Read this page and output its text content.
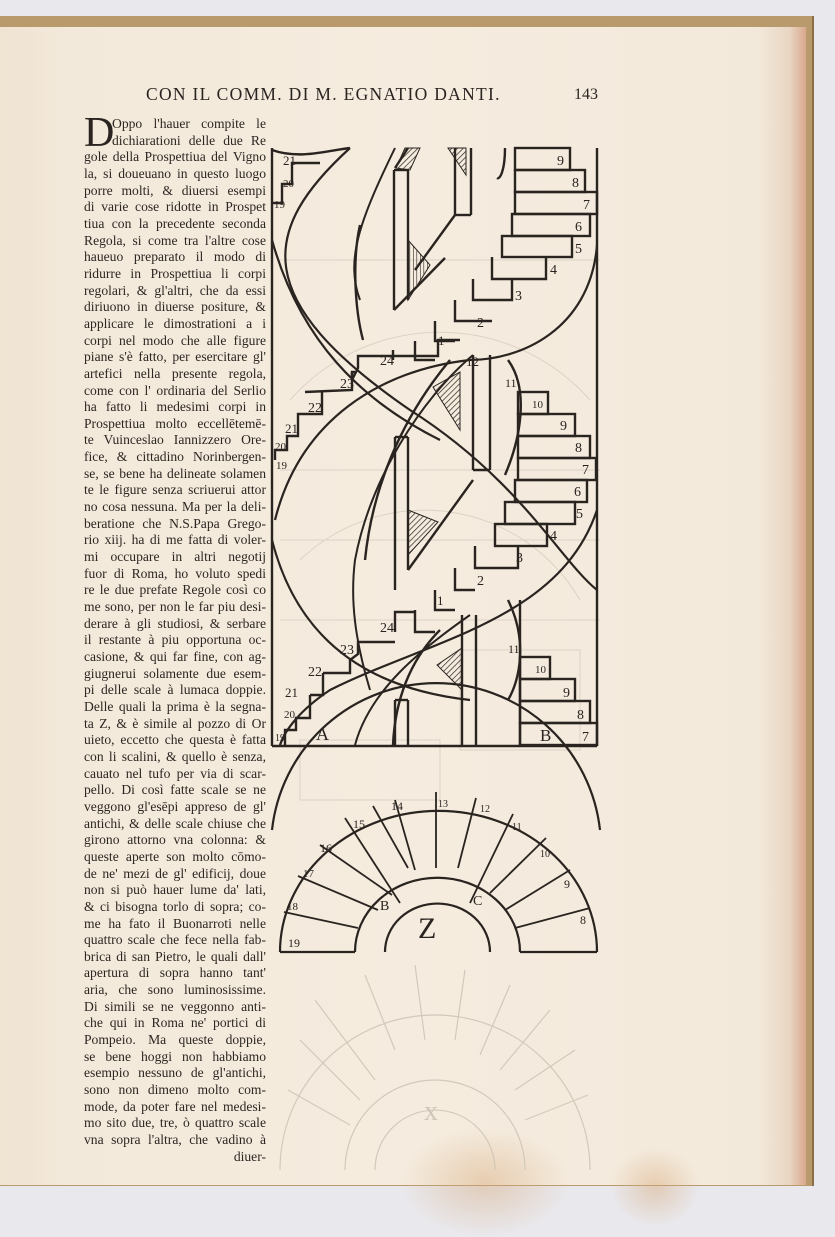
CON IL COMM. DI M. EGNATIO DANTI.	143
D
Oppo l'hauer compite le
dichiarationi delle due Re
gole della Prospettiua del Vigno
la, si doueuano in questo luogo
porre molti, & diuersi esempi
di varie cose ridotte in Prospet
tiua con la precedente seconda
Regola, si come tra l'altre cose
haueuo preparato il modo di
ridurre in Prospettiua li corpi
regolari, & gl'altri, che da essi
diriuono in diuerse positure, &
applicare le dimostrationi a i
corpi nel modo che alle figure
piane s'è fatto, per esercitare gl'
artefici nella presente regola,
come con l' ordinaria del Serlio
ha fatto li medesimi corpi in
Prospettiua molto eccellētemē-
te Vuinceslao Iannizzero Ore-
fice, & cittadino Norinbergen-
se, se bene ha delineate solamen
te le figure senza scriuerui attor
no cosa nessuna. Ma per la deli-
beratione che N.S.Papa Grego-
rio xiij. ha di me fatta di voler-
mi occupare in altri negotij
fuor di Roma, ho voluto spedi
re le due prefate Regole così co
me sono, per non le far piu desi-
derare à gli studiosi, & serbare
il restante à piu opportuna oc-
casione, & qui far fine, con ag-
giugnerui solamente due esem-
pi delle scale à lumaca doppie.
Delle quali la prima è la segna-
ta Z, & è simile al pozzo di Or
uieto, eccetto che questa è fatta
con li scalini, & quello è senza,
cauato nel tufo per via di scar-
pello. Di così fatte scale se ne
veggono gl'esēpi appreso de gl'
antichi, & delle scale chiuse che
girono attorno vna colonna: &
queste aperte son molto cōmo-
de ne' mezi de gl' edificij, doue
non si può hauer lume da' lati,
& ci bisogna torlo di sopra; co-
me ha fato il Buonarroti nelle
quattro scale che fece nella fab-
brica di san Pietro, le quali dall'
apertura di sopra hanno tant'
aria, che sono luminosissime.
Di simili se ne veggonno anti-
che qui in Roma ne' portici di
Pompeio. Ma queste doppie,
se bene hoggi non habbiamo
esempio nessuno de gl'antichi,
sono non dimeno molto com-
mode, da poter fare nel medesi-
mo sito due, tre, ò quattro scale
vna sopra l'altra, che vadino à
diuer-
x
21
20
19
9
8
7
6
5
4
3
2
1
24
23
22
21
20
19
12
11
10
9
8
7
6
5
4
3
2
1
24
23
22
21
20
19
11
10
9
8
7
A	B
19
18
17
16
15
14	13	12
11
10
9
8
B	C
Z
